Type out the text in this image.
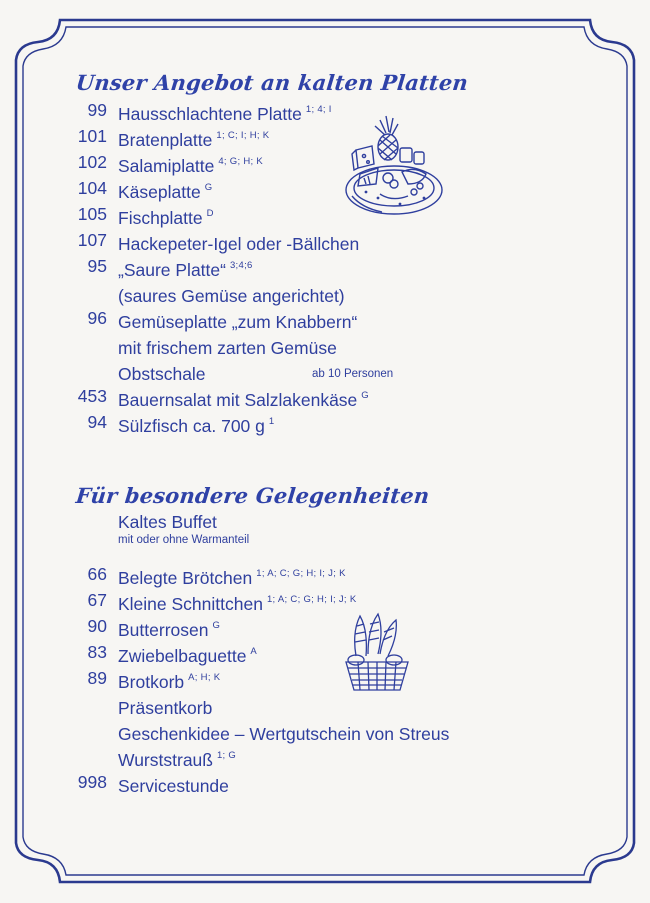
Unser Angebot an kalten Platten
99 Hausschlachtene Platte $^{1; 4; I}$
101 Bratenplatte $^{1; C; I; H; K}$
102 Salamiplatte $^{4; G; H; K}$
104 Käseplatte $^G$
105 Fischplatte $^D$
107 Hackepeter-Igel oder -Bällchen
95 „Saure Platte“ $^{3;4;6}$
(saures Gemüse angerichtet)
96 Gemüseplatte „zum Knabbern“
mit frischem zarten Gemüse
Obstschale
453 Bauernsalat mit Salzlakenkäse $^G$
94 Sülzfisch ca. 700 g $^1$
ab 10 Personen
Für besondere Gelegenheiten
Kaltes Buffet
mit oder ohne Warmanteil
66 Belegte Brötchen $^{1; A; C; G; H; I; J; K}$
67 Kleine Schnittchen $^{1; A; C; G; H; I; J; K}$
90 Butterrosen $^G$
83 Zwiebelbaguette $^A$
89 Brotkorb $^{A; H; K}$
Präsentkorb
Geschenkidee – Wertgutschein von Streus
Wurststrauß $^{1; G}$
998 Servicestunde
